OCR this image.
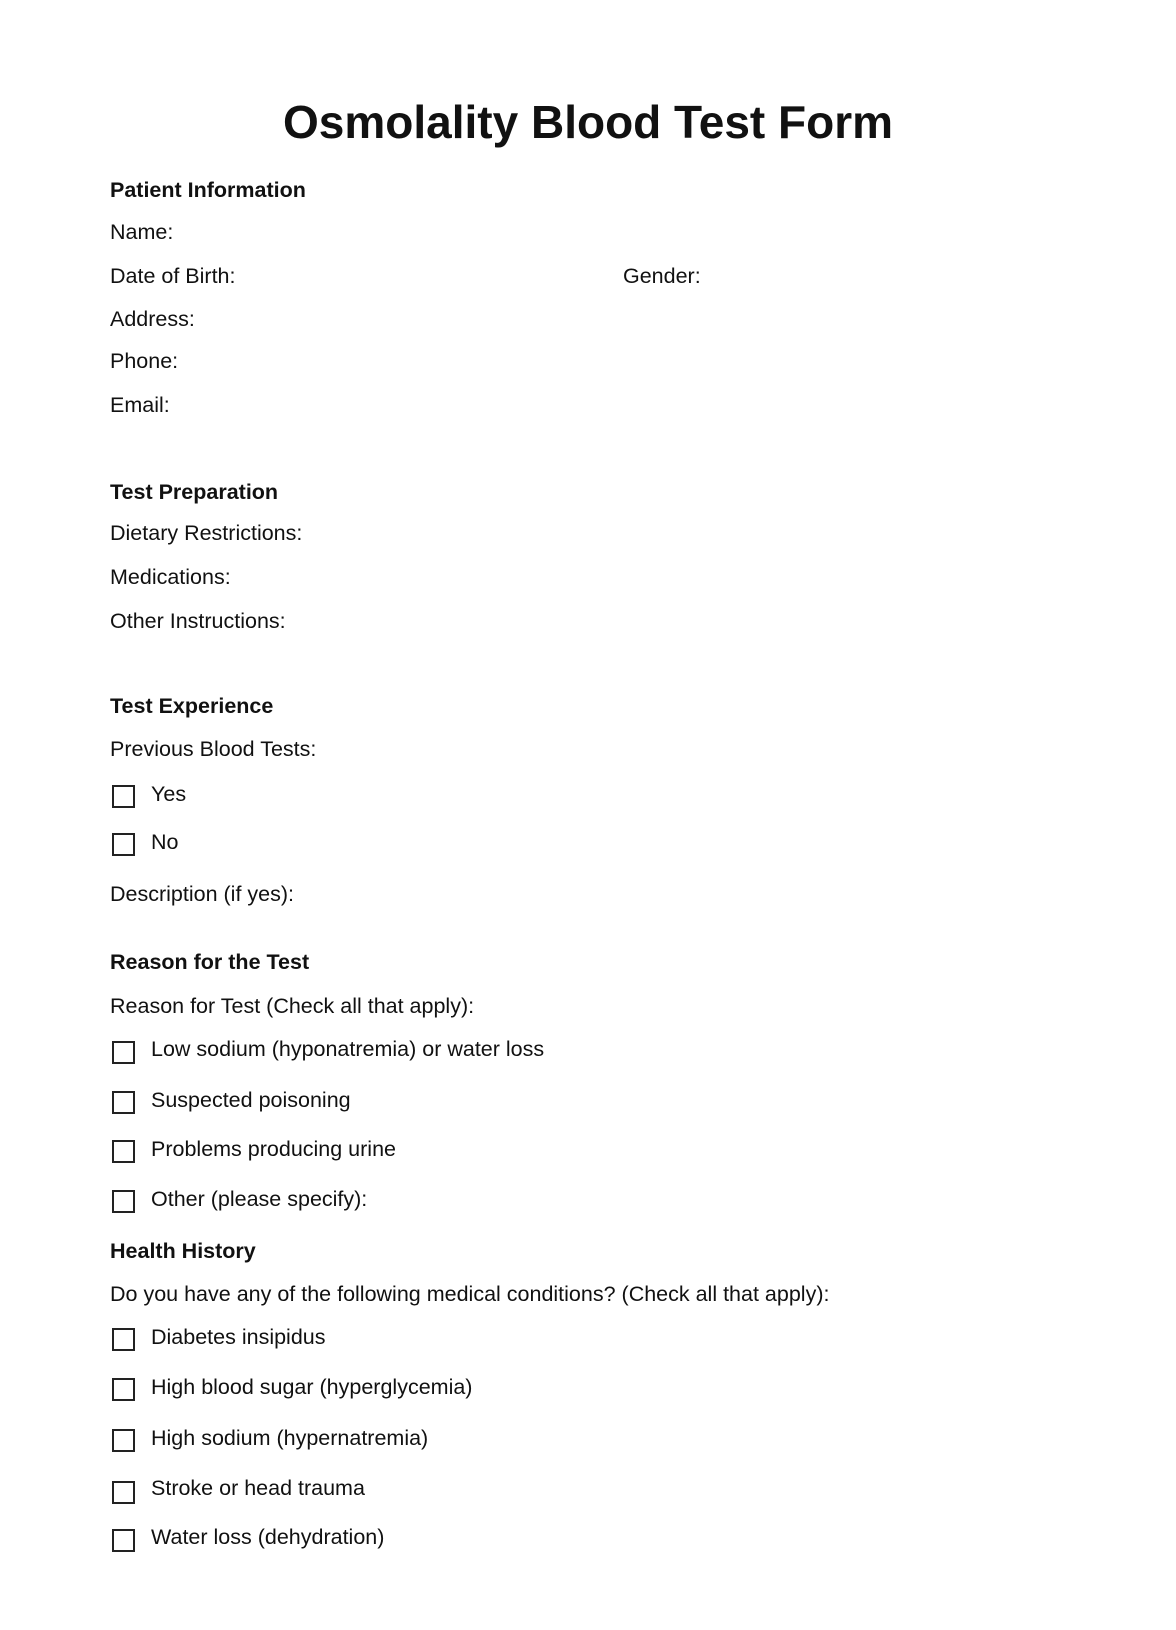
Osmolality Blood Test Form
Patient Information
Name:
Date of Birth:	Gender:
Address:
Phone:
Email:
Test Preparation
Dietary Restrictions:
Medications:
Other Instructions:
Test Experience
Previous Blood Tests:
Yes
No
Description (if yes):
Reason for the Test
Reason for Test (Check all that apply):
Low sodium (hyponatremia) or water loss
Suspected poisoning
Problems producing urine
Other (please specify):
Health History
Do you have any of the following medical conditions? (Check all that apply):
Diabetes insipidus
High blood sugar (hyperglycemia)
High sodium (hypernatremia)
Stroke or head trauma
Water loss (dehydration)
